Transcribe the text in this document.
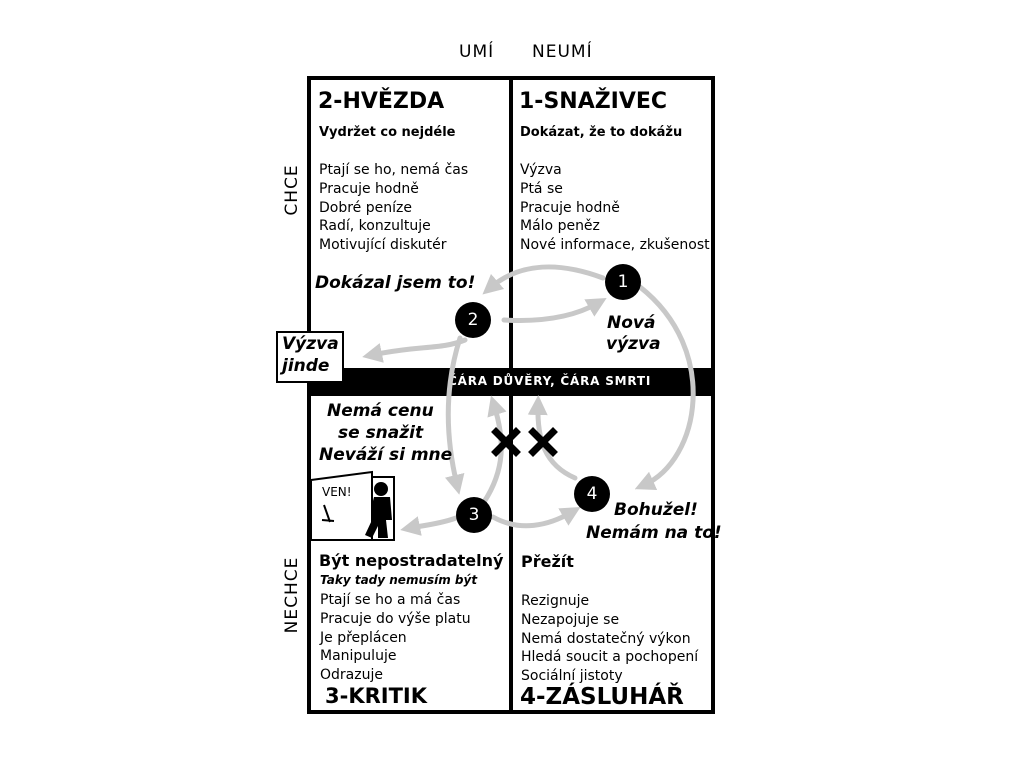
UMÍ NEUMÍ
CHCE
NECHCE
ČÁRA DŮVĚRY, ČÁRA SMRTI
2-HVĚZDA
Vydržet co nejdéle
Ptají se ho, nemá čas
Pracuje hodně
Dobré peníze
Radí, konzultuje
Motivující diskutér
1-SNAŽIVEC
Dokázat, že to dokážu
Výzva
Ptá se
Pracuje hodně
Málo peněz
Nové informace, zkušenost
Být nepostradatelný
Taky tady nemusím být
Ptají se ho a má čas
Pracuje do výše platu
Je přeplácen
Manipuluje
Odrazuje
3-KRITIK
Přežít
Rezignuje
Nezapojuje se
Nemá dostatečný výkon
Hledá soucit a pochopení
Sociální jistoty
4-ZÁSLUHÁŘ
VEN!
1
2
3
4
Dokázal jsem to!
Nová
výzva
Výzva
jinde
Nemá cenu
se snažit
Neváží si mne
Bohužel!
Nemám na to!
